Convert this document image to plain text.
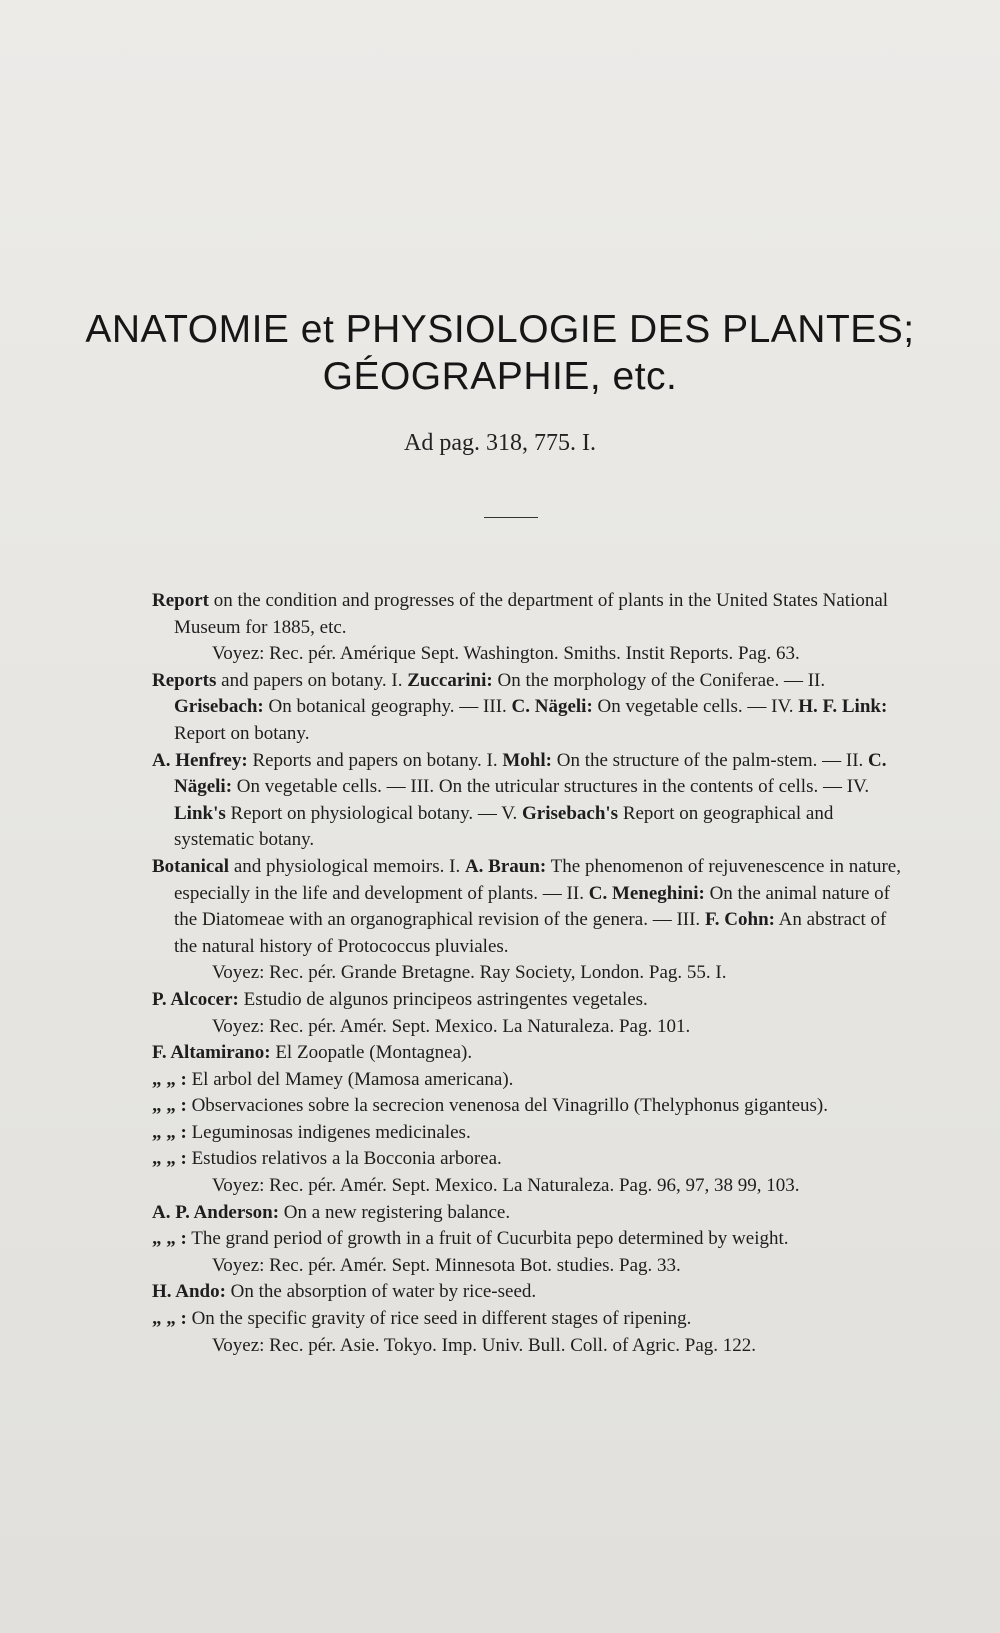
ANATOMIE et PHYSIOLOGIE DES PLANTES;
GÉOGRAPHIE, etc.
Ad pag. 318, 775. I.

Report on the condition and progresses of the department of plants in the United States National Museum for 1885, etc.

Voyez: Rec. pér. Amérique Sept. Washington. Smiths. Instit Reports. Pag. 63.

Reports and papers on botany. I. Zuccarini: On the morphology of the Coniferae. — II. Grisebach: On botanical geography. — III. C. Nägeli: On vegetable cells. — IV. H. F. Link: Report on botany.

A. Henfrey: Reports and papers on botany. I. Mohl: On the structure of the palm-stem. — II. C. Nägeli: On vegetable cells. — III. On the utricular structures in the contents of cells. — IV. Link's Report on physiological botany. — V. Grisebach's Report on geographical and systematic botany.

Botanical and physiological memoirs. I. A. Braun: The phenomenon of rejuvenescence in nature, especially in the life and development of plants. — II. C. Meneghini: On the animal nature of the Diatomeae with an organographical revision of the genera. — III. F. Cohn: An abstract of the natural history of Protococcus pluviales.

Voyez: Rec. pér. Grande Bretagne. Ray Society, London. Pag. 55. I.

P. Alcocer: Estudio de algunos principeos astringentes vegetales.

Voyez: Rec. pér. Amér. Sept. Mexico. La Naturaleza. Pag. 101.

F. Altamirano: El Zoopatle (Montagnea).

„ „ : El arbol del Mamey (Mamosa americana).

„ „ : Observaciones sobre la secrecion venenosa del Vinagrillo (Thelyphonus giganteus).

„ „ : Leguminosas indigenes medicinales.

„ „ : Estudios relativos a la Bocconia arborea.

Voyez: Rec. pér. Amér. Sept. Mexico. La Naturaleza. Pag. 96, 97, 38 99, 103.

A. P. Anderson: On a new registering balance.

„ „ : The grand period of growth in a fruit of Cucurbita pepo determined by weight.

Voyez: Rec. pér. Amér. Sept. Minnesota Bot. studies. Pag. 33.

H. Ando: On the absorption of water by rice-seed.

„ „ : On the specific gravity of rice seed in different stages of ripening.

Voyez: Rec. pér. Asie. Tokyo. Imp. Univ. Bull. Coll. of Agric. Pag. 122.
